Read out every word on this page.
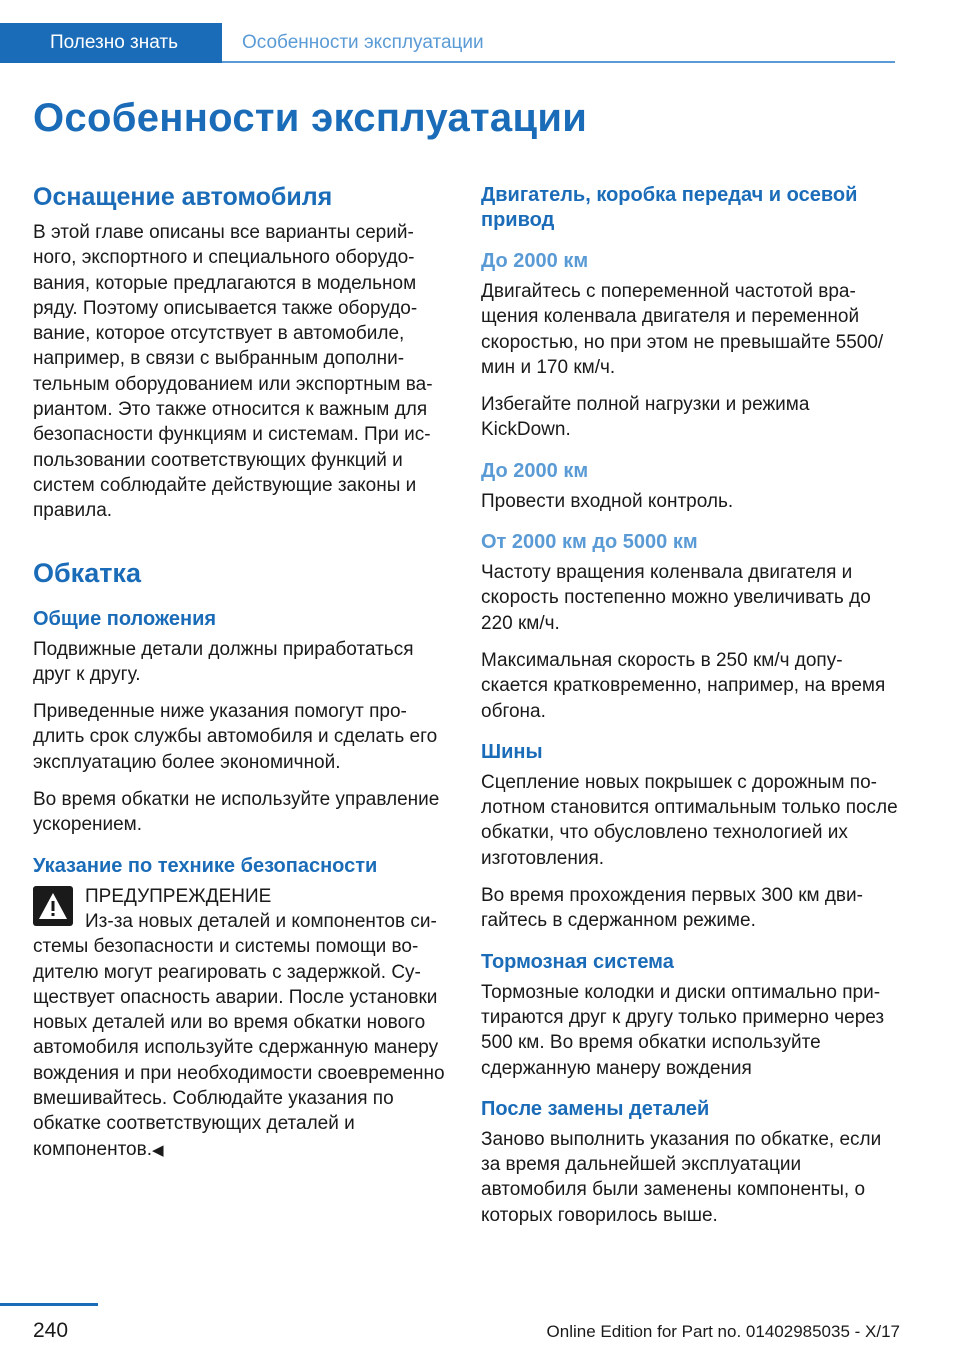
Полезно знать	Особенности эксплуатации
Особенности эксплуатации
Оснащение автомобиля

В этой главе описаны все варианты серийного, экспортного и специального оборудования, которые предлагаются в модельном ряду. Поэтому описывается также оборудование, которое отсутствует в автомобиле, например, в связи с выбранным дополнительным оборудованием или экспортным вариантом. Это также относится к важным для безопасности функциям и системам. При использовании соответствующих функций и систем соблюдайте действующие законы и правила.

Обкатка
Общие положения

Подвижные детали должны приработаться друг к другу.

Приведенные ниже указания помогут продлить срок службы автомобиля и сделать его эксплуатацию более экономичной.

Во время обкатки не используйте управление ускорением.

Указание по технике безопасности

ПРЕДУПРЕЖДЕНИЕ
Из-за новых деталей и компонентов системы безопасности и системы помощи водителю могут реагировать с задержкой. Существует опасность аварии. После установки новых деталей или во время обкатки нового автомобиля используйте сдержанную манеру вождения и при необходимости своевременно вмешивайтесь. Соблюдайте указания по обкатке соответствующих деталей и компонентов.◀

Двигатель, коробка передач и осевой привод
До 2000 км

Двигайтесь с попеременной частотой вращения коленвала двигателя и переменной скоростью, но при этом не превышайте 5500/мин и 170 км/ч.

Избегайте полной нагрузки и режима KickDown.

До 2000 км

Провести входной контроль.

От 2000 км до 5000 км

Частоту вращения коленвала двигателя и скорость постепенно можно увеличивать до 220 км/ч.

Максимальная скорость в 250 км/ч допускается кратковременно, например, на время обгона.

Шины

Сцепление новых покрышек с дорожным полотном становится оптимальным только после обкатки, что обусловлено технологией их изготовления.

Во время прохождения первых 300 км двигайтесь в сдержанном режиме.

Тормозная система

Тормозные колодки и диски оптимально притираются друг к другу только примерно через 500 км. Во время обкатки используйте сдержанную манеру вождения

После замены деталей

Заново выполнить указания по обкатке, если за время дальнейшей эксплуатации автомобиля были заменены компоненты, о которых говорилось выше.

240	Online Edition for Part no. 01402985035 - X/17
